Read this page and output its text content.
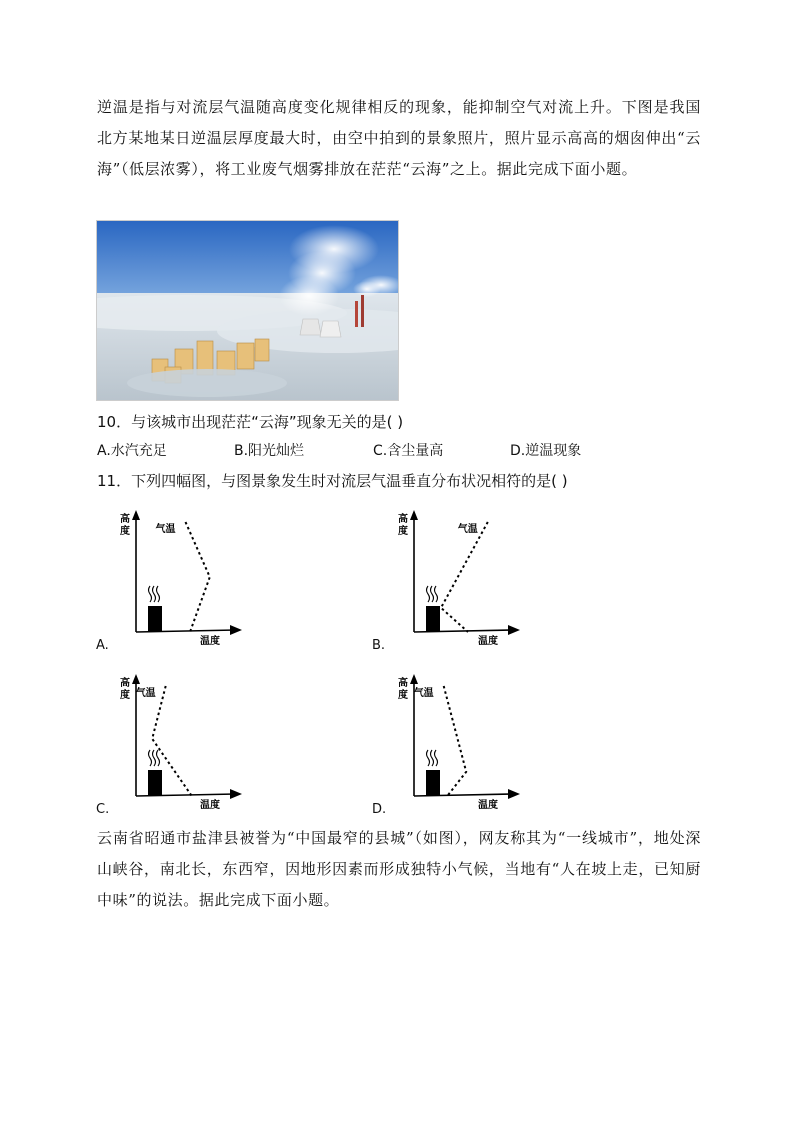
逆温是指与对流层气温随高度变化规律相反的现象，能抑制空气对流上升。下图是我国北方某地某日逆温层厚度最大时，由空中拍到的景象照片，照片显示高高的烟囱伸出“云海”（低层浓雾），将工业废气烟雾排放在茫茫“云海”之上。据此完成下面小题。
10．与该城市出现茫茫“云海”现象无关的是( )
A.水汽充足	B.阳光灿烂	C.含尘量高	D.逆温现象
11．下列四幅图，与图景象发生时对流层气温垂直分布状况相符的是( )
高
度
温度
气温
A.
高
度
温度
气温
B.
高
度
温度
气温
C.
高
度
温度
气温
D.
云南省昭通市盐津县被誉为“中国最窄的县城”（如图），网友称其为“一线城市”，地处深山峡谷，南北长，东西窄，因地形因素而形成独特小气候，当地有“人在坡上走，已知厨中味”的说法。据此完成下面小题。
